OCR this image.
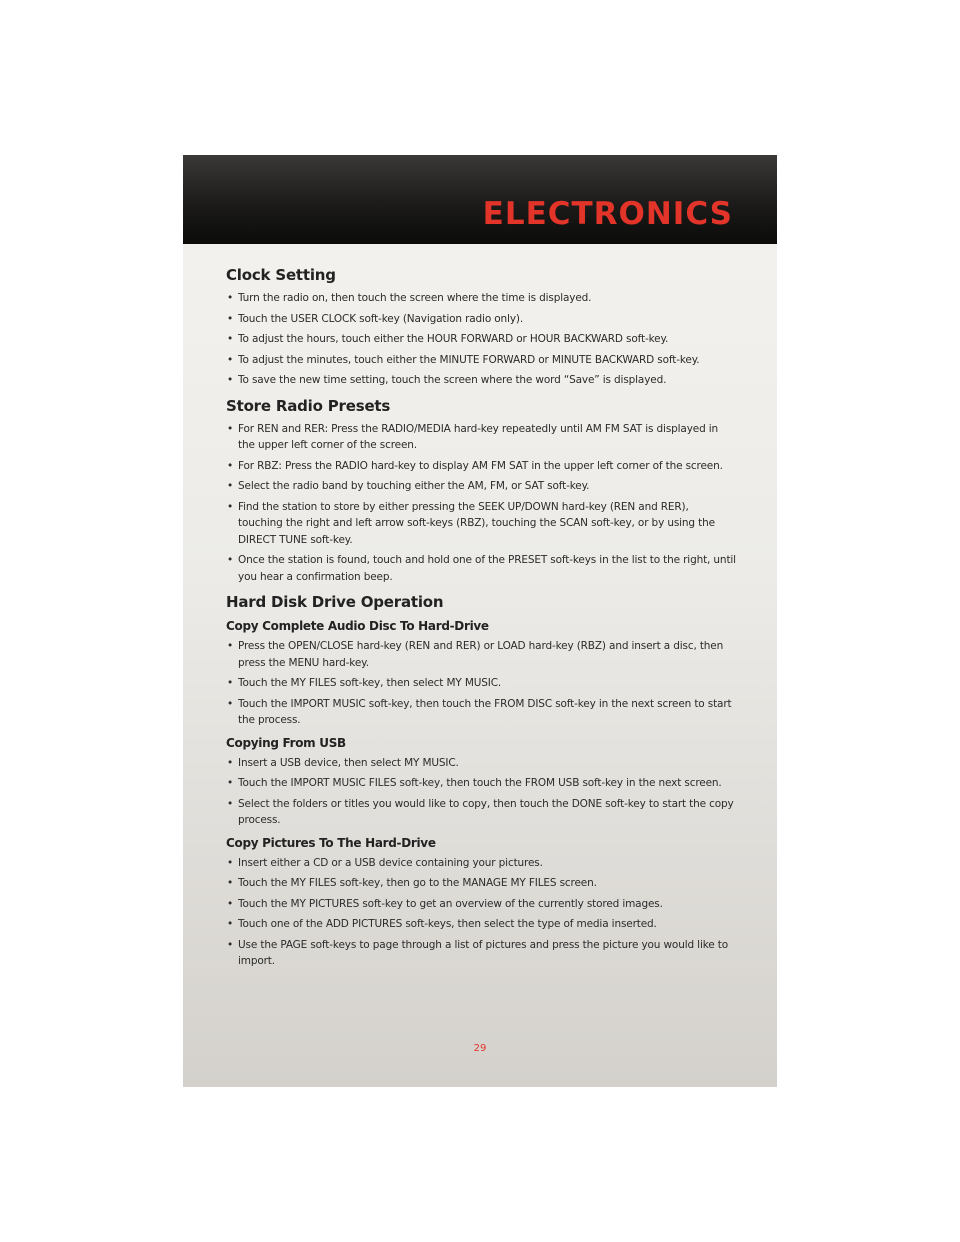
ELECTRONICS
Clock Setting
• Turn the radio on, then touch the screen where the time is displayed.
• Touch the USER CLOCK soft-key (Navigation radio only).
• To adjust the hours, touch either the HOUR FORWARD or HOUR BACKWARD soft-key.
• To adjust the minutes, touch either the MINUTE FORWARD or MINUTE BACKWARD soft-key.
• To save the new time setting, touch the screen where the word “Save” is displayed.
Store Radio Presets
• For REN and RER: Press the RADIO/MEDIA hard-key repeatedly until AM FM SAT is displayed in the upper left corner of the screen.
• For RBZ: Press the RADIO hard-key to display AM FM SAT in the upper left corner of the screen.
• Select the radio band by touching either the AM, FM, or SAT soft-key.
• Find the station to store by either pressing the SEEK UP/DOWN hard-key (REN and RER), touching the right and left arrow soft-keys (RBZ), touching the SCAN soft-key, or by using the DIRECT TUNE soft-key.
• Once the station is found, touch and hold one of the PRESET soft-keys in the list to the right, until you hear a confirmation beep.
Hard Disk Drive Operation
Copy Complete Audio Disc To Hard-Drive
• Press the OPEN/CLOSE hard-key (REN and RER) or LOAD hard-key (RBZ) and insert a disc, then press the MENU hard-key.
• Touch the MY FILES soft-key, then select MY MUSIC.
• Touch the IMPORT MUSIC soft-key, then touch the FROM DISC soft-key in the next screen to start the process.
Copying From USB
• Insert a USB device, then select MY MUSIC.
• Touch the IMPORT MUSIC FILES soft-key, then touch the FROM USB soft-key in the next screen.
• Select the folders or titles you would like to copy, then touch the DONE soft-key to start the copy process.
Copy Pictures To The Hard-Drive
• Insert either a CD or a USB device containing your pictures.
• Touch the MY FILES soft-key, then go to the MANAGE MY FILES screen.
• Touch the MY PICTURES soft-key to get an overview of the currently stored images.
• Touch one of the ADD PICTURES soft-keys, then select the type of media inserted.
• Use the PAGE soft-keys to page through a list of pictures and press the picture you would like to import.
29
